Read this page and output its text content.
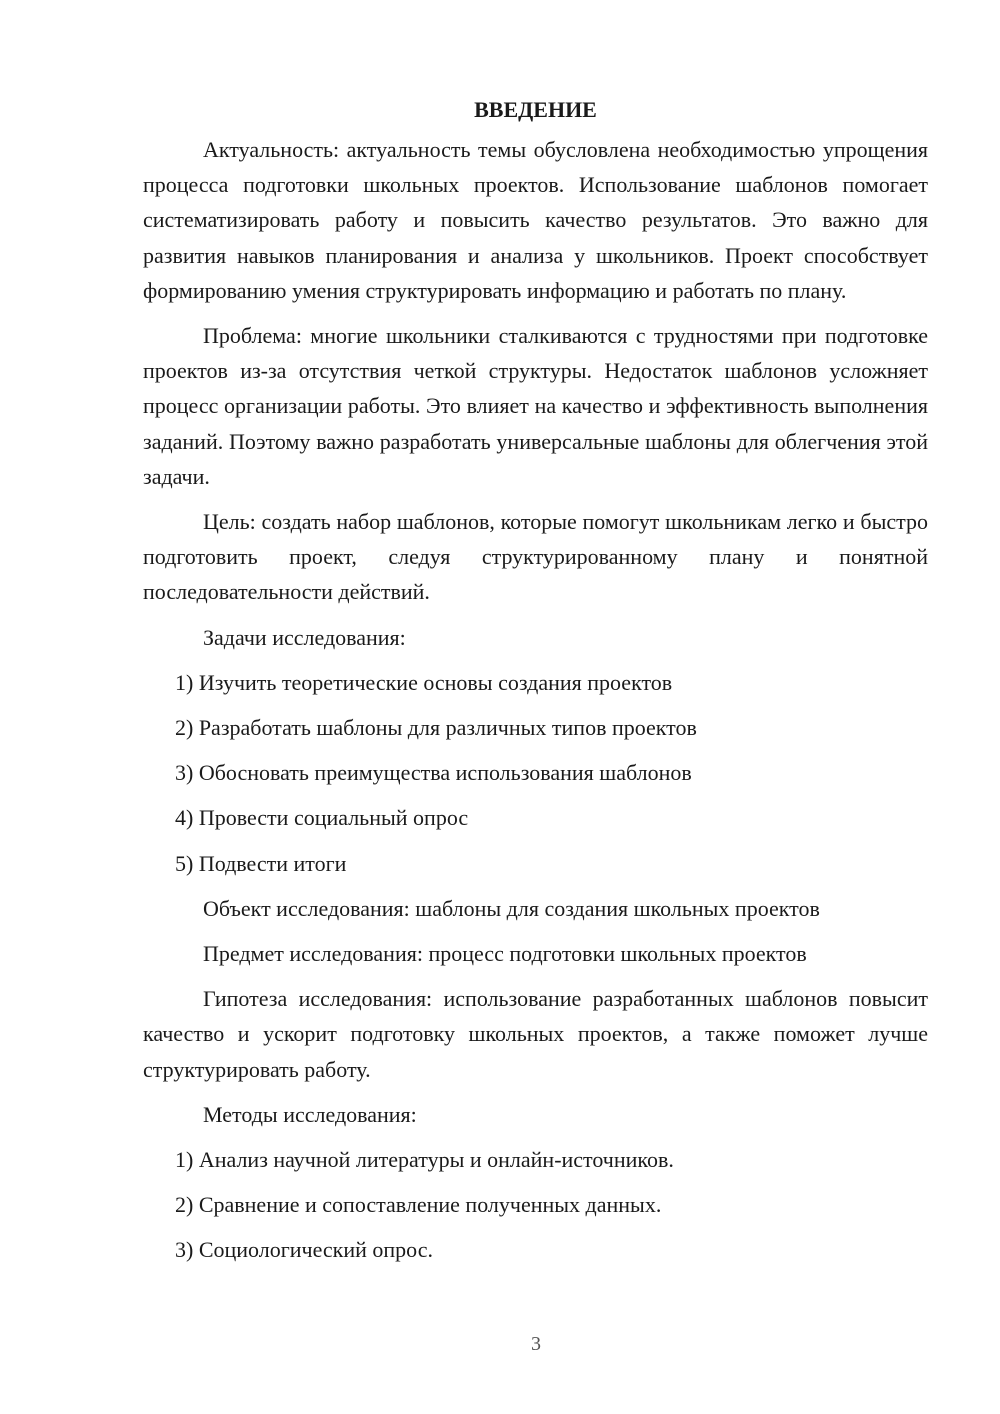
ВВЕДЕНИЕ

Актуальность: актуальность темы обусловлена необходимостью упрощения процесса подготовки школьных проектов. Использование шаблонов помогает систематизировать работу и повысить качество результатов. Это важно для развития навыков планирования и анализа у школьников. Проект способствует формированию умения структурировать информацию и работать по плану.

Проблема: многие школьники сталкиваются с трудностями при подготовке проектов из-за отсутствия четкой структуры. Недостаток шаблонов усложняет процесс организации работы. Это влияет на качество и эффективность выполнения заданий. Поэтому важно разработать универсальные шаблоны для облегчения этой задачи.

Цель: создать набор шаблонов, которые помогут школьникам легко и быстро подготовить проект, следуя структурированному плану и понятной последовательности действий.

Задачи исследования:

1) Изучить теоретические основы создания проектов
2) Разработать шаблоны для различных типов проектов
3) Обосновать преимущества использования шаблонов
4) Провести социальный опрос
5) Подвести итоги

Объект исследования: шаблоны для создания школьных проектов

Предмет исследования: процесс подготовки школьных проектов

Гипотеза исследования: использование разработанных шаблонов повысит качество и ускорит подготовку школьных проектов, а также поможет лучше структурировать работу.

Методы исследования:

1) Анализ научной литературы и онлайн-источников.
2) Сравнение и сопоставление полученных данных.
3) Социологический опрос.
3
